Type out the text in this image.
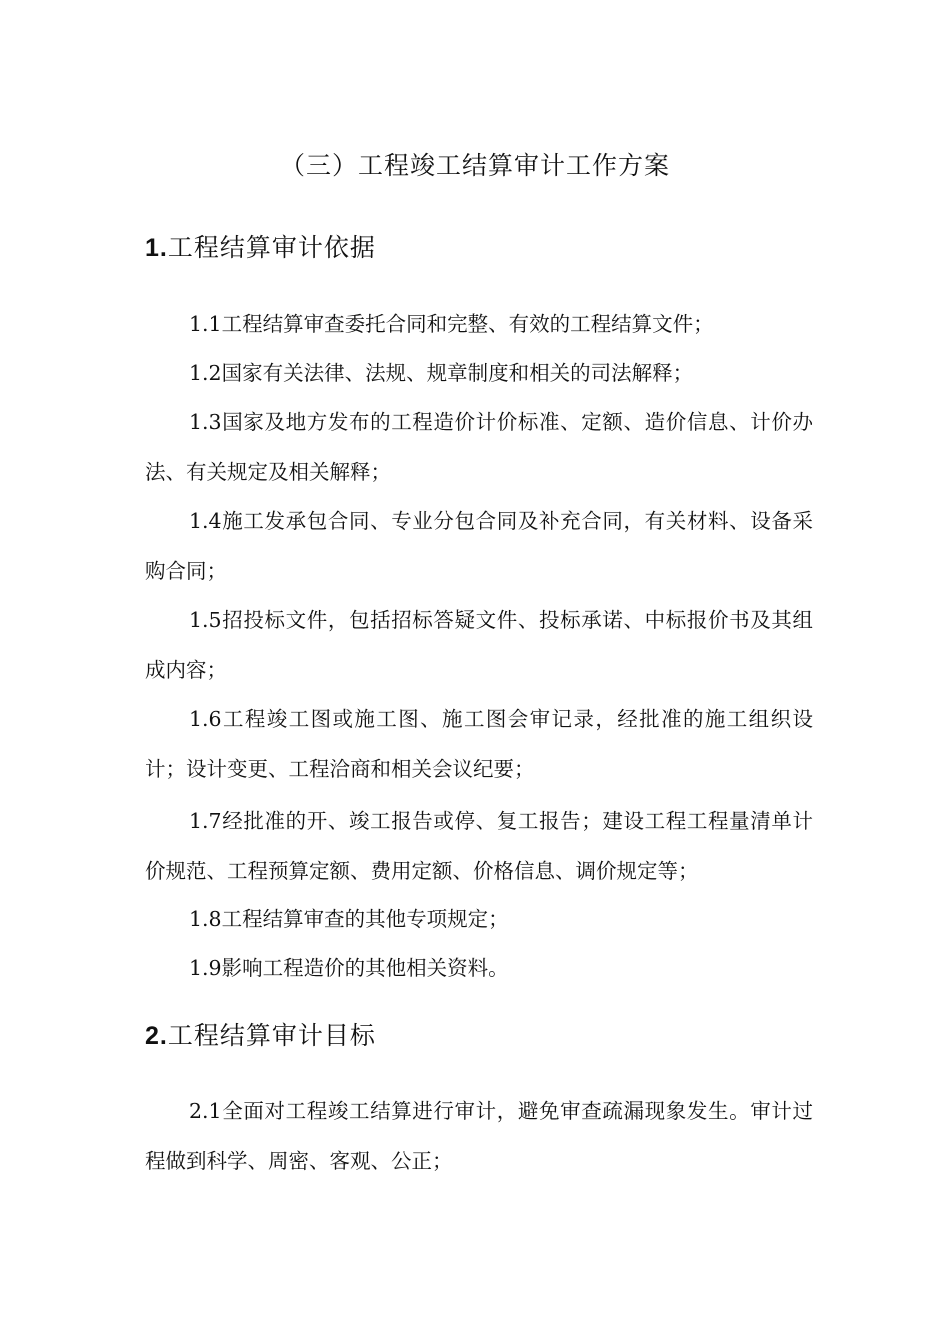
（三）工程竣工结算审计工作方案
1.工程结算审计依据
1.1工程结算审查委托合同和完整、有效的工程结算文件；
1.2国家有关法律、法规、规章制度和相关的司法解释；
1.3国家及地方发布的工程造价计价标准、定额、造价信息、计价办法、有关规定及相关解释；
1.4施工发承包合同、专业分包合同及补充合同，有关材料、设备采购合同；
1.5招投标文件，包括招标答疑文件、投标承诺、中标报价书及其组成内容；
1.6工程竣工图或施工图、施工图会审记录，经批准的施工组织设计；设计变更、工程洽商和相关会议纪要；
1.7经批准的开、竣工报告或停、复工报告；建设工程工程量清单计价规范、工程预算定额、费用定额、价格信息、调价规定等；
1.8工程结算审查的其他专项规定；
1.9影响工程造价的其他相关资料。
2.工程结算审计目标
2.1全面对工程竣工结算进行审计，避免审查疏漏现象发生。审计过程做到科学、周密、客观、公正；
